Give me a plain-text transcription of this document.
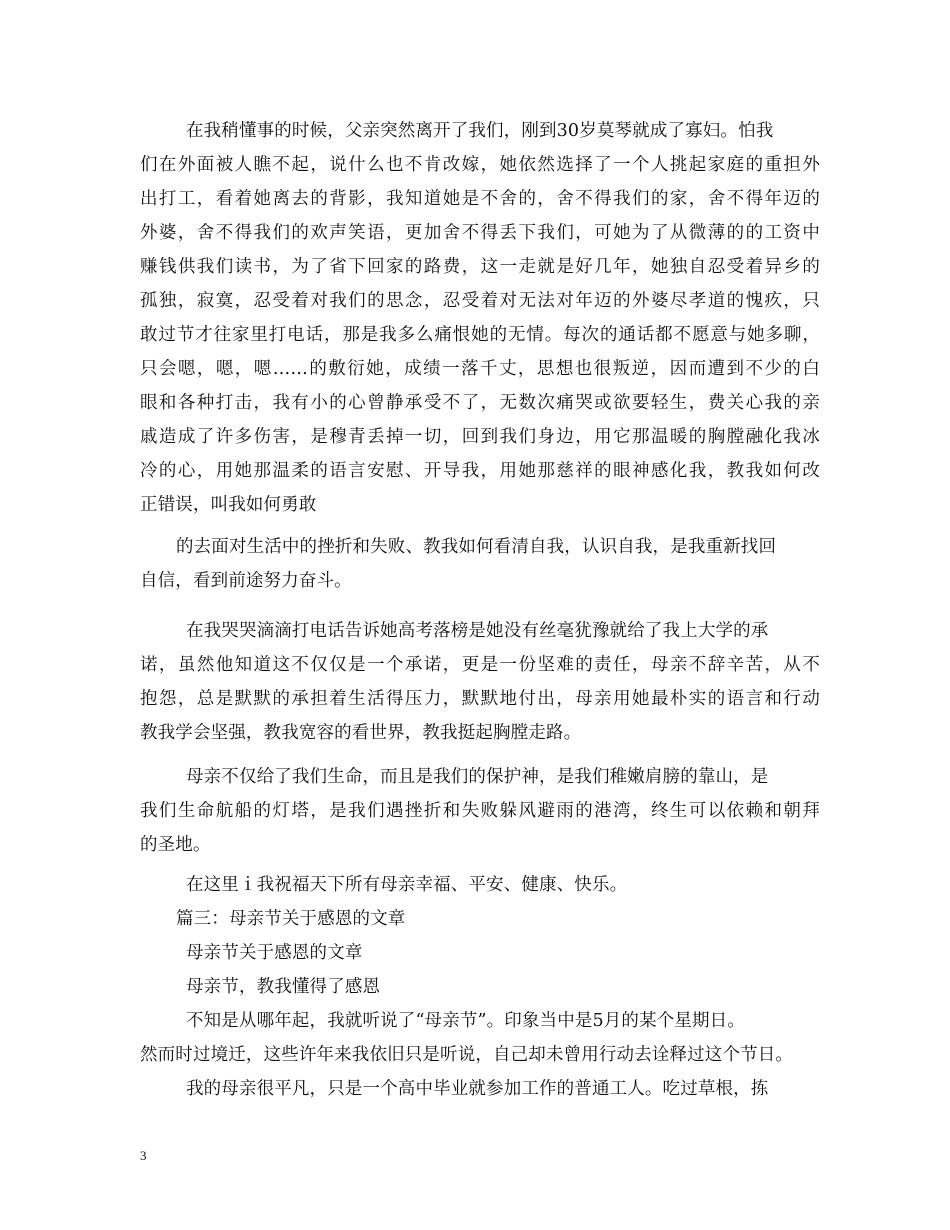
在我稍懂事的时候，父亲突然离开了我们，刚到30岁莫琴就成了寡妇。怕我
们在外面被人瞧不起，说什么也不肯改嫁，她依然选择了一个人挑起家庭的重担外
出打工，看着她离去的背影，我知道她是不舍的，舍不得我们的家，舍不得年迈的
外婆，舍不得我们的欢声笑语，更加舍不得丢下我们，可她为了从微薄的的工资中
赚钱供我们读书，为了省下回家的路费，这一走就是好几年，她独自忍受着异乡的
孤独，寂寞，忍受着对我们的思念，忍受着对无法对年迈的外婆尽孝道的愧疚，只
敢过节才往家里打电话，那是我多么痛恨她的无情。每次的通话都不愿意与她多聊，
只会嗯，嗯，嗯……的敷衍她，成绩一落千丈，思想也很叛逆，因而遭到不少的白
眼和各种打击，我有小的心曾静承受不了，无数次痛哭或欲要轻生，费关心我的亲
戚造成了许多伤害，是穆青丢掉一切，回到我们身边，用它那温暖的胸膛融化我冰
冷的心，用她那温柔的语言安慰、开导我，用她那慈祥的眼神感化我，教我如何改
正错误，叫我如何勇敢
的去面对生活中的挫折和失败、教我如何看清自我，认识自我，是我重新找回
自信，看到前途努力奋斗。
在我哭哭滴滴打电话告诉她高考落榜是她没有丝毫犹豫就给了我上大学的承
诺，虽然他知道这不仅仅是一个承诺，更是一份坚难的责任，母亲不辞辛苦，从不
抱怨，总是默默的承担着生活得压力，默默地付出，母亲用她最朴实的语言和行动
教我学会坚强，教我宽容的看世界，教我挺起胸膛走路。
母亲不仅给了我们生命，而且是我们的保护神，是我们稚嫩肩膀的靠山，是
我们生命航船的灯塔，是我们遇挫折和失败躲风避雨的港湾，终生可以依赖和朝拜
的圣地。
在这里ｉ我祝福天下所有母亲幸福、平安、健康、快乐。
篇三：母亲节关于感恩的文章
母亲节关于感恩的文章
母亲节，教我懂得了感恩
不知是从哪年起，我就听说了“母亲节”。印象当中是5月的某个星期日。
然而时过境迁，这些许年来我依旧只是听说，自己却未曾用行动去诠释过这个节日。
我的母亲很平凡，只是一个高中毕业就参加工作的普通工人。吃过草根，拣
3
